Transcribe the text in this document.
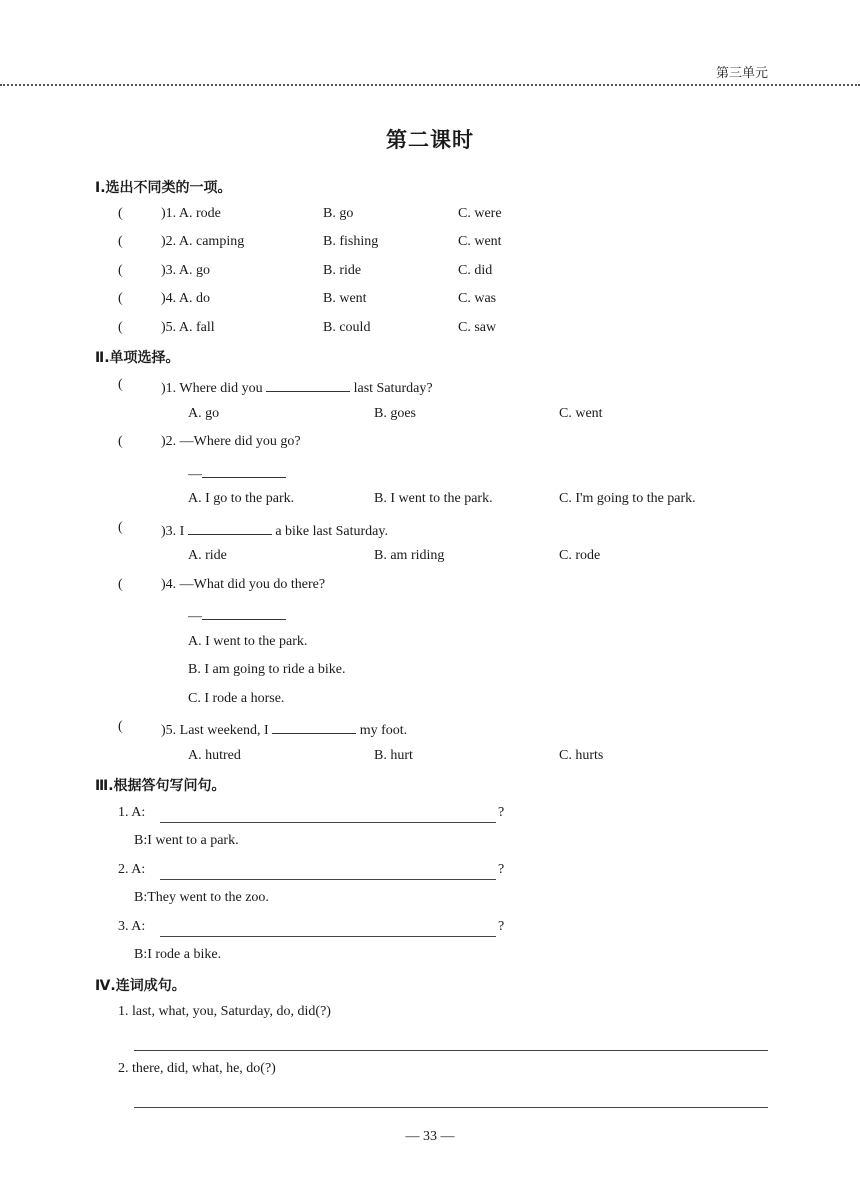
第三单元
第二课时
Ⅰ.选出不同类的一项。
(	)1. A. rode	B. go	C. were
(	)2. A. camping	B. fishing	C. went
(	)3. A. go	B. ride	C. did
(	)4. A. do	B. went	C. was
(	)5. A. fall	B. could	C. saw
Ⅱ.单项选择。
(	)1. Where did you	last Saturday?
A. go	B. goes	C. went
(	)2. —Where did you go?
—
A. I go to the park.	B. I went to the park.	C. I'm going to the park.
(	)3. I	a bike last Saturday.
A. ride	B. am riding	C. rode
(	)4. —What did you do there?
—
A. I went to the park.
B. I am going to ride a bike.
C. I rode a horse.
(	)5. Last weekend, I	my foot.
A. hutred	B. hurt	C. hurts
Ⅲ.根据答句写问句。
1. A:	?
B:I went to a park.
2. A:	?
B:They went to the zoo.
3. A:	?
B:I rode a bike.
Ⅳ.连词成句。
1. last, what, you, Saturday, do, did(?)
2. there, did, what, he, do(?)
— 33 —
